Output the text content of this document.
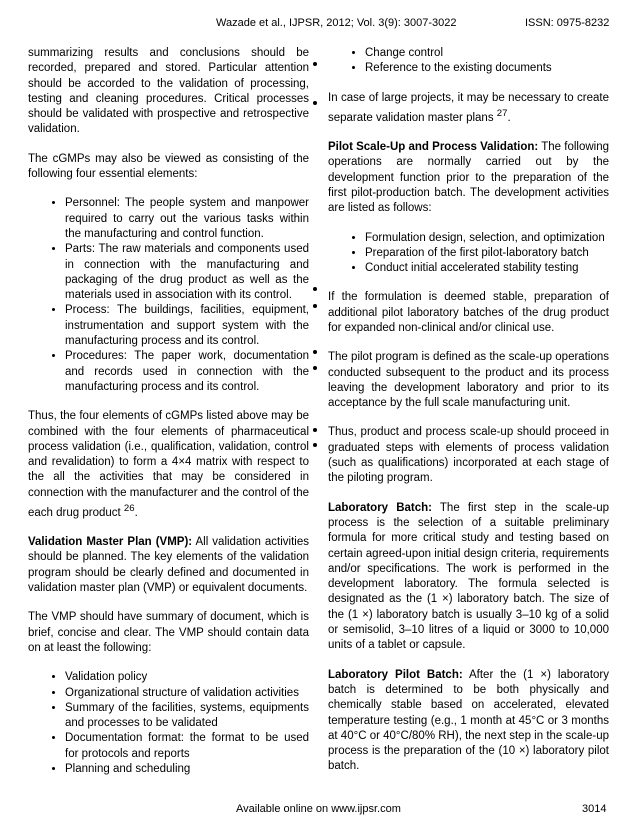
Wazade et al., IJPSR, 2012; Vol. 3(9): 3007-3022	ISSN: 0975-8232

summarizing results and conclusions should be recorded, prepared and stored. Particular attention should be accorded to the validation of processing, testing and cleaning procedures. Critical processes should be validated with prospective and retrospective validation.

The cGMPs may also be viewed as consisting of the following four essential elements:

• Personnel: The people system and manpower required to carry out the various tasks within the manufacturing and control function.
• Parts: The raw materials and components used in connection with the manufacturing and packaging of the drug product as well as the materials used in association with its control.
• Process: The buildings, facilities, equipment, instrumentation and support system with the manufacturing process and its control.
• Procedures: The paper work, documentation and records used in connection with the manufacturing process and its control.

Thus, the four elements of cGMPs listed above may be combined with the four elements of pharmaceutical process validation (i.e., qualification, validation, control and revalidation) to form a 4×4 matrix with respect to the all the activities that may be considered in connection with the manufacturer and the control of the each drug product $^{26}$.

Validation Master Plan (VMP): All validation activities should be planned. The key elements of the validation program should be clearly defined and documented in validation master plan (VMP) or equivalent documents.

The VMP should have summary of document, which is brief, concise and clear. The VMP should contain data on at least the following:

• Validation policy
• Organizational structure of validation activities
• Summary of the facilities, systems, equipments and processes to be validated
• Documentation format: the format to be used for protocols and reports
• Planning and scheduling
• Change control
• Reference to the existing documents

In case of large projects, it may be necessary to create separate validation master plans $^{27}$.

Pilot Scale-Up and Process Validation: The following operations are normally carried out by the development function prior to the preparation of the first pilot-production batch. The development activities are listed as follows:

• Formulation design, selection, and optimization
• Preparation of the first pilot-laboratory batch
• Conduct initial accelerated stability testing

If the formulation is deemed stable, preparation of additional pilot laboratory batches of the drug product for expanded non-clinical and/or clinical use.

The pilot program is defined as the scale-up operations conducted subsequent to the product and its process leaving the development laboratory and prior to its acceptance by the full scale manufacturing unit.

Thus, product and process scale-up should proceed in graduated steps with elements of process validation (such as qualifications) incorporated at each stage of the piloting program.

Laboratory Batch: The first step in the scale-up process is the selection of a suitable preliminary formula for more critical study and testing based on certain agreed-upon initial design criteria, requirements and/or specifications. The work is performed in the development laboratory. The formula selected is designated as the (1 ×) laboratory batch. The size of the (1 ×) laboratory batch is usually 3–10 kg of a solid or semisolid, 3–10 litres of a liquid or 3000 to 10,000 units of a tablet or capsule.

Laboratory Pilot Batch: After the (1 ×) laboratory batch is determined to be both physically and chemically stable based on accelerated, elevated temperature testing (e.g., 1 month at 45°C or 3 months at 40°C or 40°C/80% RH), the next step in the scale-up process is the preparation of the (10 ×) laboratory pilot batch.

Available online on www.ijpsr.com	3014
